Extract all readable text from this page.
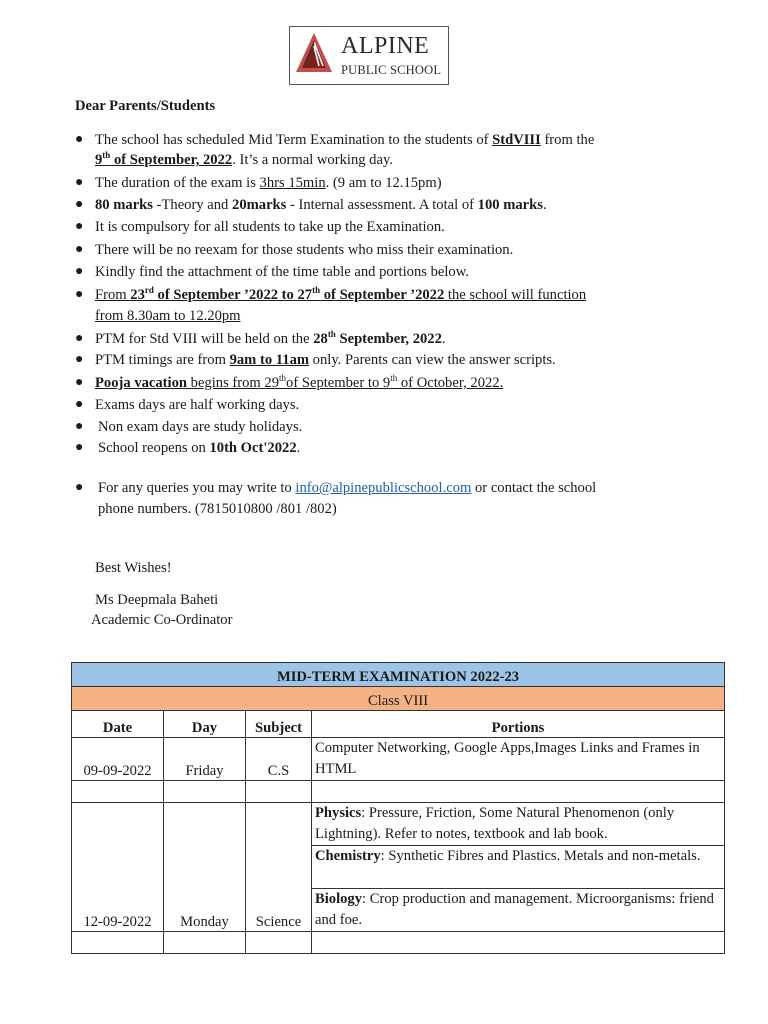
ALPINE
PUBLIC SCHOOL
Dear Parents/Students
● The school has scheduled Mid Term Examination to the students of StdVIII from the
9th of September, 2022. It’s a normal working day.
● The duration of the exam is 3hrs 15min. (9 am to 12.15pm)
● 80 marks -Theory and 20marks - Internal assessment. A total of 100 marks.
● It is compulsory for all students to take up the Examination.
● There will be no reexam for those students who miss their examination.
● Kindly find the attachment of the time table and portions below.
● From 23rd of September ’2022 to 27th of September ’2022 the school will function
from 8.30am to 12.20pm
● PTM for Std VIII will be held on the 28th September, 2022.
● PTM timings are from 9am to 11am only. Parents can view the answer scripts.
● Pooja vacation begins from 29thof September to 9th of October, 2022.
● Exams days are half working days.
● Non exam days are study holidays.
● School reopens on 10th Oct'2022.
● For any queries you may write to info@alpinepublicschool.com or contact the school
phone numbers. (7815010800 /801 /802)
Best Wishes!
Ms Deepmala Baheti
Academic Co-Ordinator
MID-TERM EXAMINATION 2022-23			
Class VIII			
Date	Day	Subject	Portions
09-09-2022	Friday	C.S	Computer Networking, Google Apps,Images Links and Frames in HTML

12-09-2022	Monday	Science	Physics: Pressure, Friction, Some Natural Phenomenon (only Lightning). Refer to notes, textbook and lab book.
			Chemistry: Synthetic Fibres and Plastics. Metals and non-metals.
			Biology: Crop production and management. Microorganisms: friend and foe.
